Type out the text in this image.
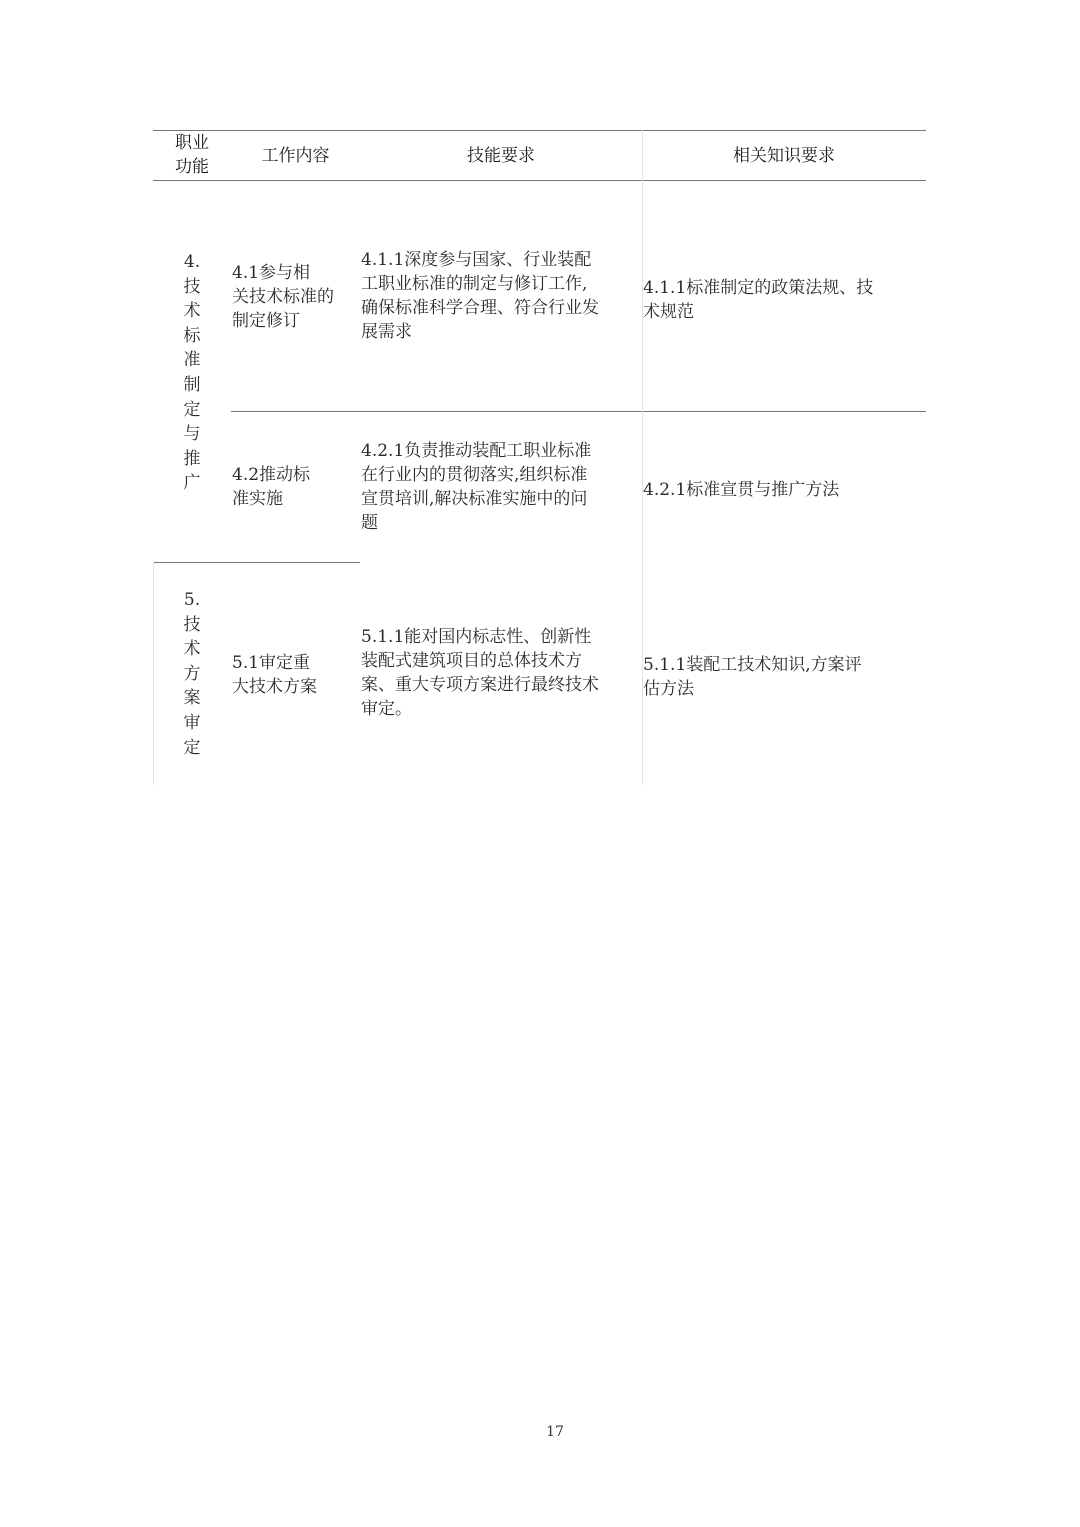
职业
功能
工作内容	技能要求	相关知识要求
4.
技
术
标
准
制
定
与
推
广
4.1参与相
关技术标准的
制定修订
4.1.1深度参与国家、行业装配
工职业标准的制定与修订工作,
确保标准科学合理、符合行业发
展需求
4.1.1标准制定的政策法规、技
术规范
4.2推动标
准实施
4.2.1负责推动装配工职业标准
在行业内的贯彻落实,组织标准
宣贯培训,解决标准实施中的问
题
4.2.1标准宣贯与推广方法
5.
技
术
方
案
审
定
5.1审定重
大技术方案
5.1.1能对国内标志性、创新性
装配式建筑项目的总体技术方
案、重大专项方案进行最终技术
审定。
5.1.1装配工技术知识,方案评
估方法
17
